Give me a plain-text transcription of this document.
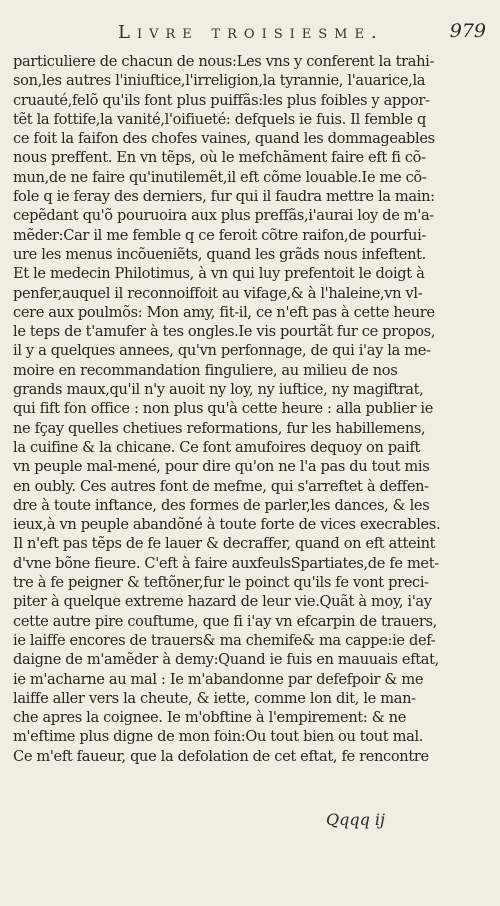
Livre troisiesme.	979
particuliere de chacun de nous:Les vns y conferent la trahi-
son,les autres l'iniuftice,l'irreligion,la tyrannie, l'auarice,la
cruauté,felõ qu'ils font plus puiffãs:les plus foibles y appor-
tẽt la fottife,la vanité,l'oifiueté: defquels ie fuis. Il femble q
ce foit la faifon des chofes vaines, quand les dommageables
nous preffent. En vn tẽps, où le mefchãment faire eft fi cõ-
mun,de ne faire qu'inutilemẽt,il eft cõme louable.Ie me cõ-
fole q ie feray des derniers, fur qui il faudra mettre la main:
cepẽdant qu'õ pouruoira aux plus preffãs,i'aurai loy de m'a-
mẽder:Car il me femble q ce feroit cõtre raifon,de pourfui-
ure les menus incõueniẽts, quand les grãds nous infeftent.
Et le medecin Philotimus, à vn qui luy prefentoit le doigt à
penfer,auquel il reconnoiffoit au vifage,& à l'haleine,vn vl-
cere aux poulmõs: Mon amy, fit-il, ce n'eft pas à cette heure
le teps de t'amufer à tes ongles.Ie vis pourtãt fur ce propos,
il y a quelques annees, qu'vn perfonnage, de qui i'ay la me-
moire en recommandation finguliere, au milieu de nos
grands maux,qu'il n'y auoit ny loy, ny iuftice, ny magiftrat,
qui fift fon office : non plus qu'à cette heure : alla publier ie
ne fçay quelles chetiues reformations, fur les habillemens,
la cuifine & la chicane. Ce font amufoires dequoy on paift
vn peuple mal-mené, pour dire qu'on ne l'a pas du tout mis
en oubly. Ces autres font de mefme, qui s'arreftet à deffen-
dre à toute inftance, des formes de parler,les dances, & les
ieux,à vn peuple abandõné à toute forte de vices execrables.
Il n'eft pas tẽps de fe lauer & decraffer, quand on eft atteint
d'vne bõne fieure. C'eft à faire auxfeulsSpartiates,de fe met-
tre à fe peigner & teftõner,fur le poinct qu'ils fe vont preci-
piter à quelque extreme hazard de leur vie.Quãt à moy, i'ay
cette autre pire couftume, que fi i'ay vn efcarpin de trauers,
ie laiffe encores de trauers& ma chemife& ma cappe:ie def-
daigne de m'amẽder à demy:Quand ie fuis en mauuais eftat,
ie m'acharne au mal : Ie m'abandonne par defefpoir & me
laiffe aller vers la cheute, & iette, comme lon dit, le man-
che apres la coignee. Ie m'obftine à l'empirement: & ne
m'eftime plus digne de mon foin:Ou tout bien ou tout mal.
Ce m'eft faueur, que la defolation de cet eftat, fe rencontre
Qqqq ij
